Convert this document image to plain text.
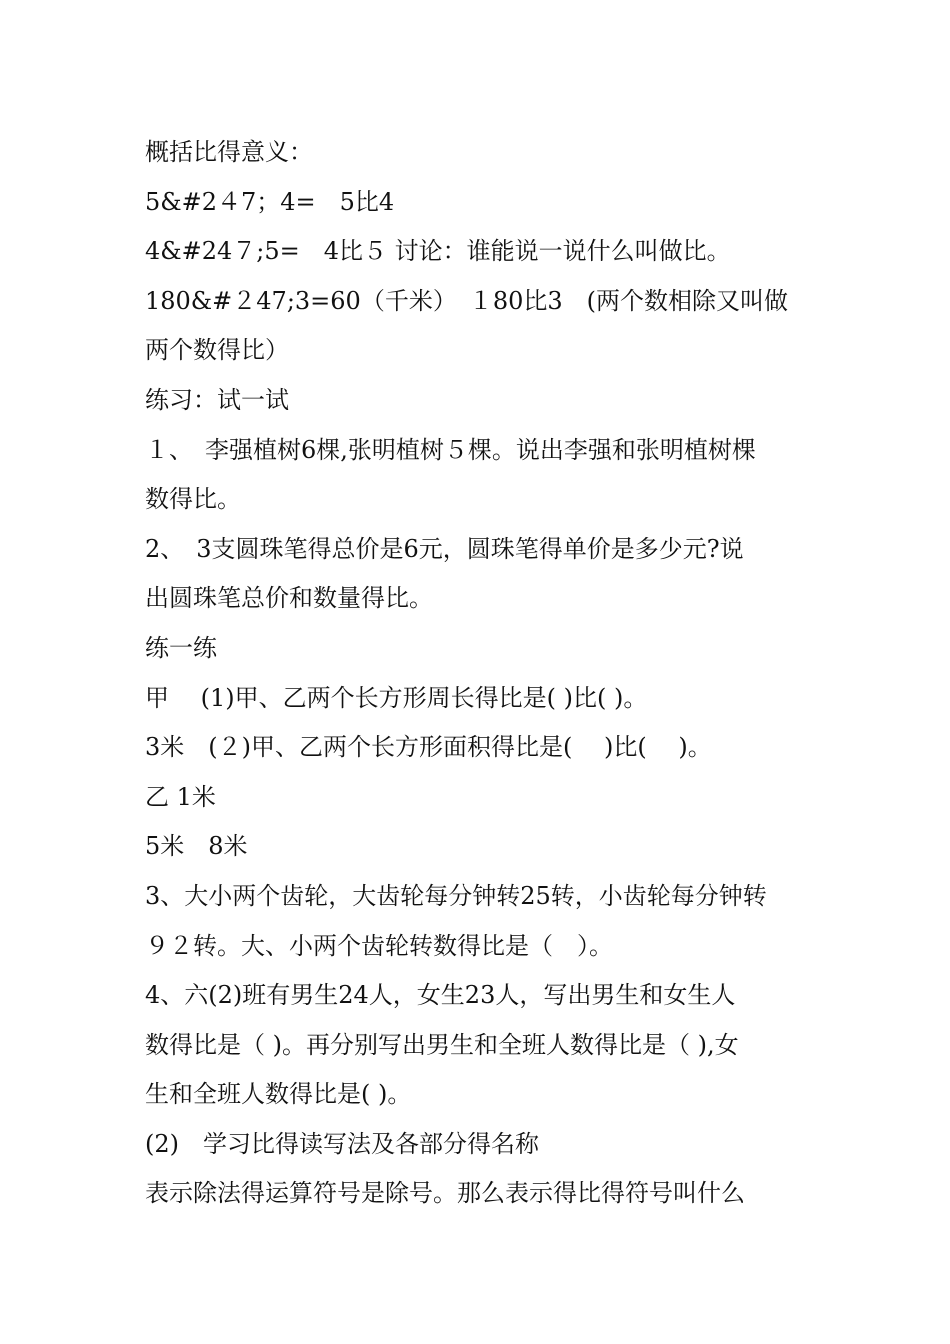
概括比得意义：
5&#2４7；4=　5比4
4&#24７;5=　4比５ 讨论：谁能说一说什么叫做比。
180&#２47;3=60（千米）　１80比3　(两个数相除又叫做
两个数得比）
练习：试一试
１、　李强植树6棵,张明植树５棵。说出李强和张明植树棵
数得比。
2、　3支圆珠笔得总价是6元，圆珠笔得单价是多少元?说
出圆珠笔总价和数量得比。
练一练
甲　 (1)甲、乙两个长方形周长得比是( )比( )。
3米　(２)甲、乙两个长方形面积得比是(　 )比(　 )。
乙 1米
5米　8米
3、大小两个齿轮，大齿轮每分钟转25转，小齿轮每分钟转
９２转。大、小两个齿轮转数得比是（　）。
4、六(2)班有男生24人，女生23人，写出男生和女生人
数得比是（ )。再分别写出男生和全班人数得比是（ ),女
生和全班人数得比是( )。
(2)　学习比得读写法及各部分得名称
表示除法得运算符号是除号。那么表示得比得符号叫什么
